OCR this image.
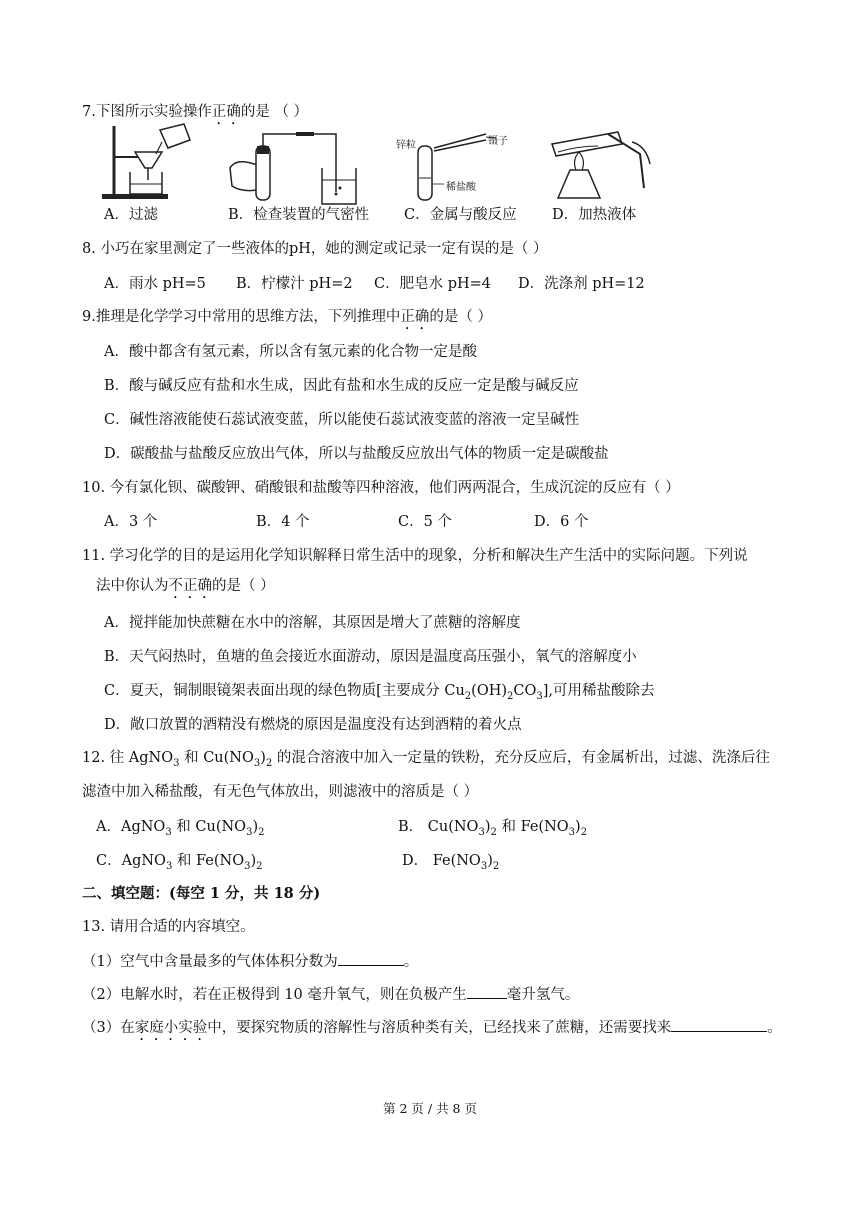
7.下图所示实验操作正确的是 （ ）
锌粒	镊子
稀盐酸
A．过滤	B．检查装置的气密性 C．金属与酸反应 D．加热液体
8. 小巧在家里测定了一些液体的pH，她的测定或记录一定有误的是（ ）
A．雨水 pH=5 B．柠檬汁 pH=2 C．肥皂水 pH=4 D．洗涤剂 pH=12
9.推理是化学学习中常用的思维方法，下列推理中正确的是（ ）
A．酸中都含有氢元素，所以含有氢元素的化合物一定是酸
B．酸与碱反应有盐和水生成，因此有盐和水生成的反应一定是酸与碱反应
C．碱性溶液能使石蕊试液变蓝，所以能使石蕊试液变蓝的溶液一定呈碱性
D．碳酸盐与盐酸反应放出气体，所以与盐酸反应放出气体的物质一定是碳酸盐
10. 今有氯化钡、碳酸钾、硝酸银和盐酸等四种溶液，他们两两混合，生成沉淀的反应有（ ）
A．3 个	B．4 个	C．5 个	D．6 个
11. 学习化学的目的是运用化学知识解释日常生活中的现象，分析和解决生产生活中的实际问题。下列说
法中你认为不正确的是（ ）
A．搅拌能加快蔗糖在水中的溶解，其原因是增大了蔗糖的溶解度
B．天气闷热时，鱼塘的鱼会接近水面游动，原因是温度高压强小，氧气的溶解度小
C．夏天，铜制眼镜架表面出现的绿色物质[主要成分 $Cu_2(OH)_2CO_3$],可用稀盐酸除去
D．敞口放置的酒精没有燃烧的原因是温度没有达到酒精的着火点
12. 往 AgNO$_3$ 和 $Cu(NO_3)_2$ 的混合溶液中加入一定量的铁粉，充分反应后，有金属析出，过滤、洗涤后往
滤渣中加入稀盐酸，有无色气体放出，则滤液中的溶质是（ ）
A．AgNO$_3$ 和 $Cu(NO_3)_2$	B． $Cu(NO_3)_2$ 和 $Fe(NO_3)_2$
C．AgNO$_3$ 和 $Fe(NO_3)_2$	D． $Fe(NO_3)_2$
二、填空题：(每空 1 分，共 18 分)
13. 请用合适的内容填空。
（1）空气中含量最多的气体体积分数为	。
（2）电解水时，若在正极得到 10 毫升氧气，则在负极产生	毫升氢气。
（3）在家庭小实验中，要探究物质的溶解性与溶质种类有关，已经找来了蔗糖，还需要找来	。
第 2 页 / 共 8 页
